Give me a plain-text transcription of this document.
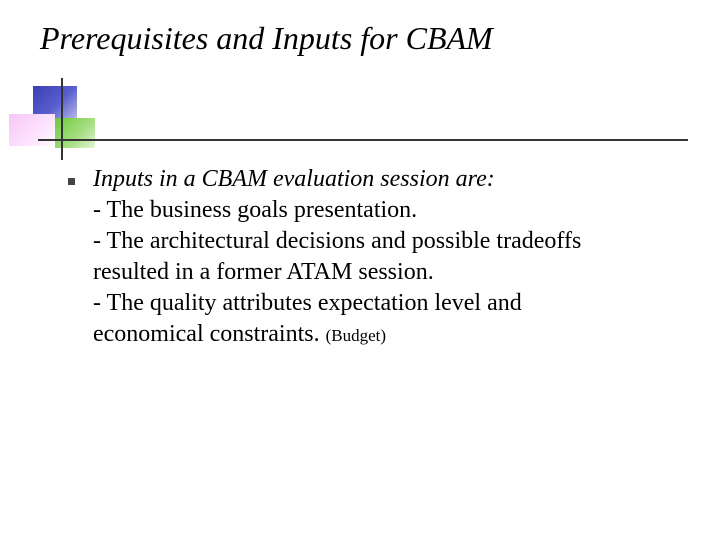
Prerequisites and Inputs for CBAM
Inputs in a CBAM evaluation session are:
- The business goals presentation.
- The architectural decisions and possible tradeoffs
resulted in a former ATAM session.
- The quality attributes expectation level and
economical constraints. (Budget)
